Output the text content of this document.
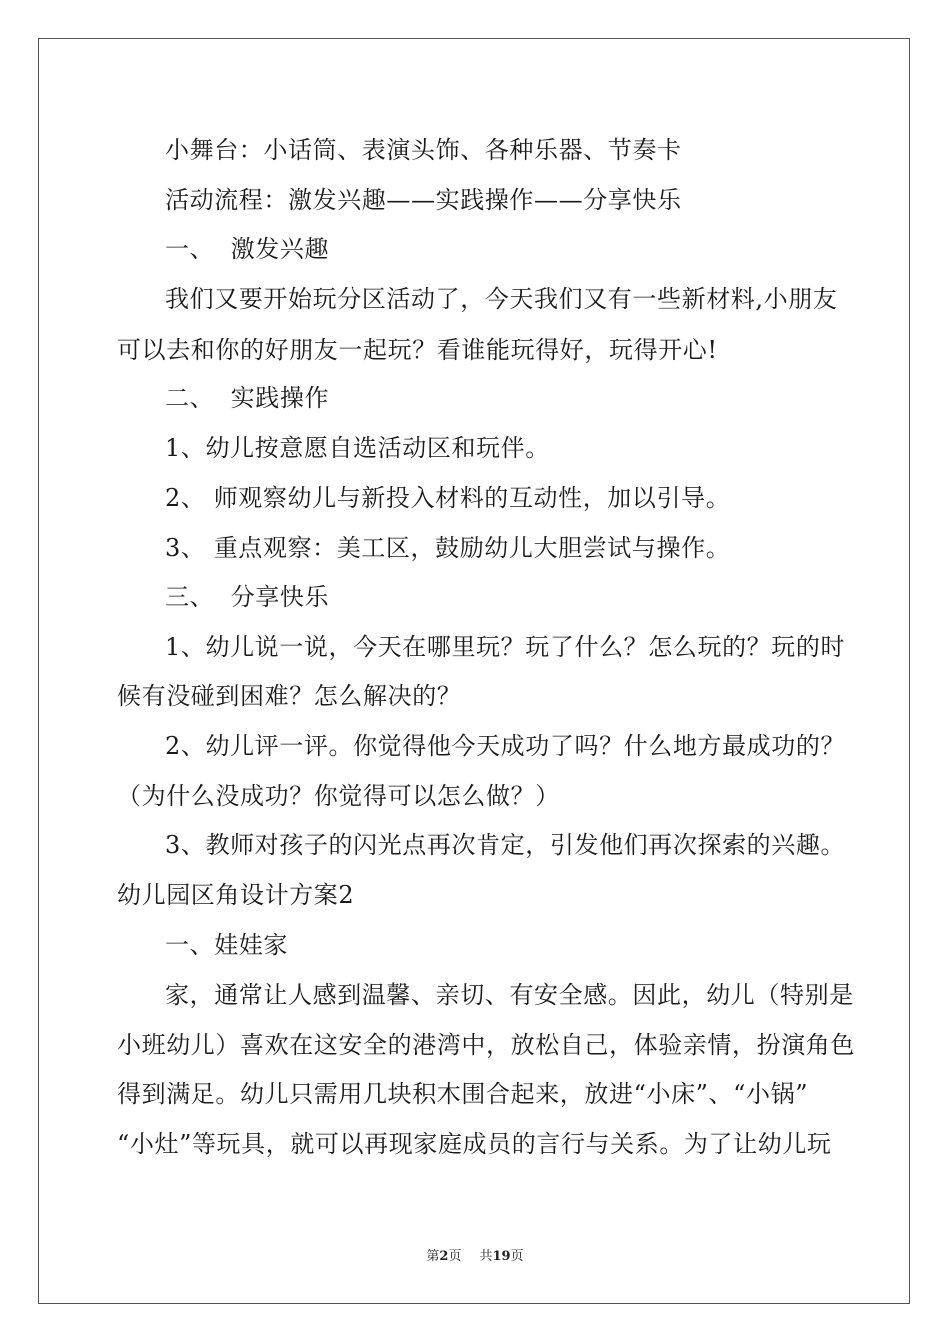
小舞台：小话筒、表演头饰、各种乐器、节奏卡
活动流程：激发兴趣——实践操作——分享快乐
一、  激发兴趣
我们又要开始玩分区活动了，今天我们又有一些新材料,小朋友
可以去和你的好朋友一起玩？看谁能玩得好，玩得开心!
二、  实践操作
1、幼儿按意愿自选活动区和玩伴。
2、 师观察幼儿与新投入材料的互动性，加以引导。
3、 重点观察：美工区，鼓励幼儿大胆尝试与操作。
三、  分享快乐
1、幼儿说一说，今天在哪里玩？玩了什么？怎么玩的？玩的时
候有没碰到困难？怎么解决的？
2、幼儿评一评。你觉得他今天成功了吗？什么地方最成功的？
（为什么没成功？你觉得可以怎么做？）
3、教师对孩子的闪光点再次肯定，引发他们再次探索的兴趣。
幼儿园区角设计方案2
一、娃娃家
家，通常让人感到温馨、亲切、有安全感。因此，幼儿（特别是
小班幼儿）喜欢在这安全的港湾中，放松自己，体验亲情，扮演角色
得到满足。幼儿只需用几块积木围合起来，放进“小床”、“小锅”
“小灶”等玩具，就可以再现家庭成员的言行与关系。为了让幼儿玩
第2页 共19页
